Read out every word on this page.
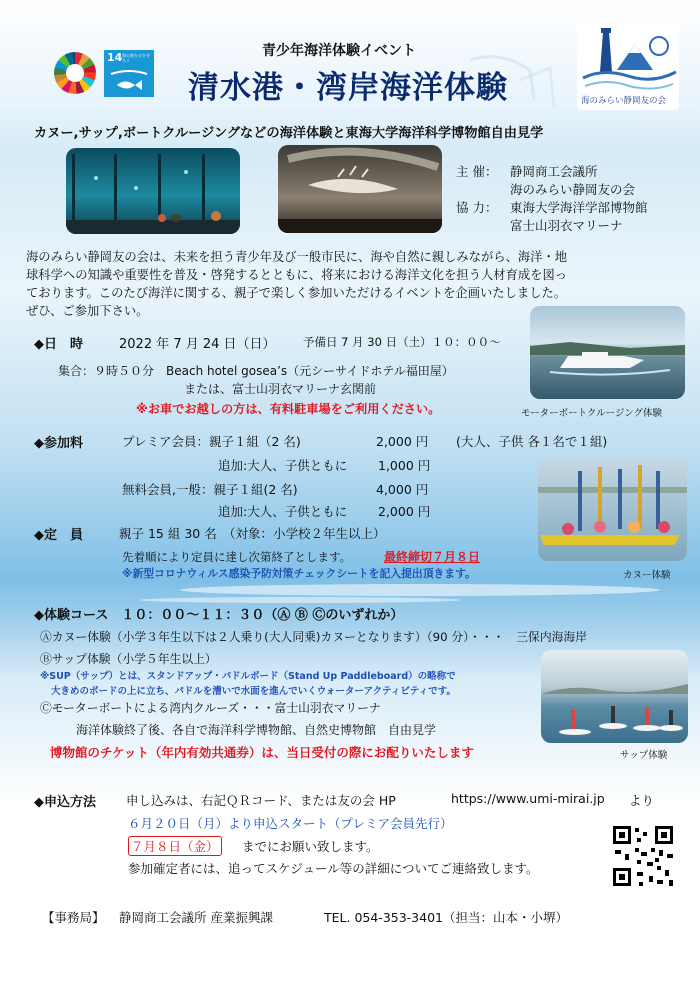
14 海の豊かさを守ろう
青少年海洋体験イベント
清水港・湾岸海洋体験	海のみらい静岡友の会
カヌー,サップ,ボートクルージングなどの海洋体験と東海大学海洋科学博物館自由見学
主 催： 静岡商工会議所
海のみらい静岡友の会
協 力： 東海大学海洋学部博物館
富士山羽衣マリーナ
海のみらい静岡友の会は、未来を担う青少年及び一般市民に、海や自然に親しみながら、海洋・地
球科学への知識や重要性を普及・啓発するとともに、将来における海洋文化を担う人材育成を図っ
ております。このたび海洋に関する、親子で楽しく参加いただけるイベントを企画いたしました。
ぜひ、ご参加下さい。
モーターボートクルージング体験
◆日　時	2022 年 7 月 24 日（日） 予備日 7 月 30 日（土）１０：００～
集合：９時５０分　Beach hotel gosea’s（元シーサイドホテル福田屋）
または、富士山羽衣マリーナ玄関前
※お車でお越しの方は、有料駐車場をご利用ください。
◆参加料	プレミア会員：親子１組（2 名)	2,000 円 (大人、子供 各１名で１組)
追加:大人、子供ともに 1,000 円
無料会員,一般：親子１組(2 名)	4,000 円
追加:大人、子供ともに 2,000 円
カヌー体験
◆定　員	親子 15 組 30 名　（対象：小学校２年生以上）
先着順により定員に達し次第終了とします。	最終締切７月８日
※新型コロナウィルス感染予防対策チェックシートを記入提出頂きます。
◆体験コース　１０：００～１１：３０（Ⓐ Ⓑ Ⓒのいずれか）
Ⓐカヌー体験（小学３年生以下は２人乗り(大人同乗)カヌーとなります）（90 分）・・・　三保内海海岸
Ⓑサップ体験（小学５年生以上）
※SUP（サップ）とは、スタンドアップ・パドルボード（Stand Up Paddleboard）の略称で
大きめのボードの上に立ち、パドルを漕いで水面を進んでいくウォーターアクティビティです。
Ⓒモーターボートによる湾内クルーズ・・・富士山羽衣マリーナ
海洋体験終了後、各自で海洋科学博物館、自然史博物館　自由見学
博物館のチケット（年内有効共通券）は、当日受付の際にお配りいたします	サップ体験
◆申込方法 申し込みは、右記ＱＲコード、または友の会 HP	https://www.umi-mirai.jp より
６月２０日（月）より申込スタート（プレミア会員先行）
７月８日（金） までにお願い致します。
参加確定者には、追ってスケジュール等の詳細についてご連絡致します。
【事務局】 静岡商工会議所 産業振興課	TEL. 054-353-3401（担当：山本・小堺）
